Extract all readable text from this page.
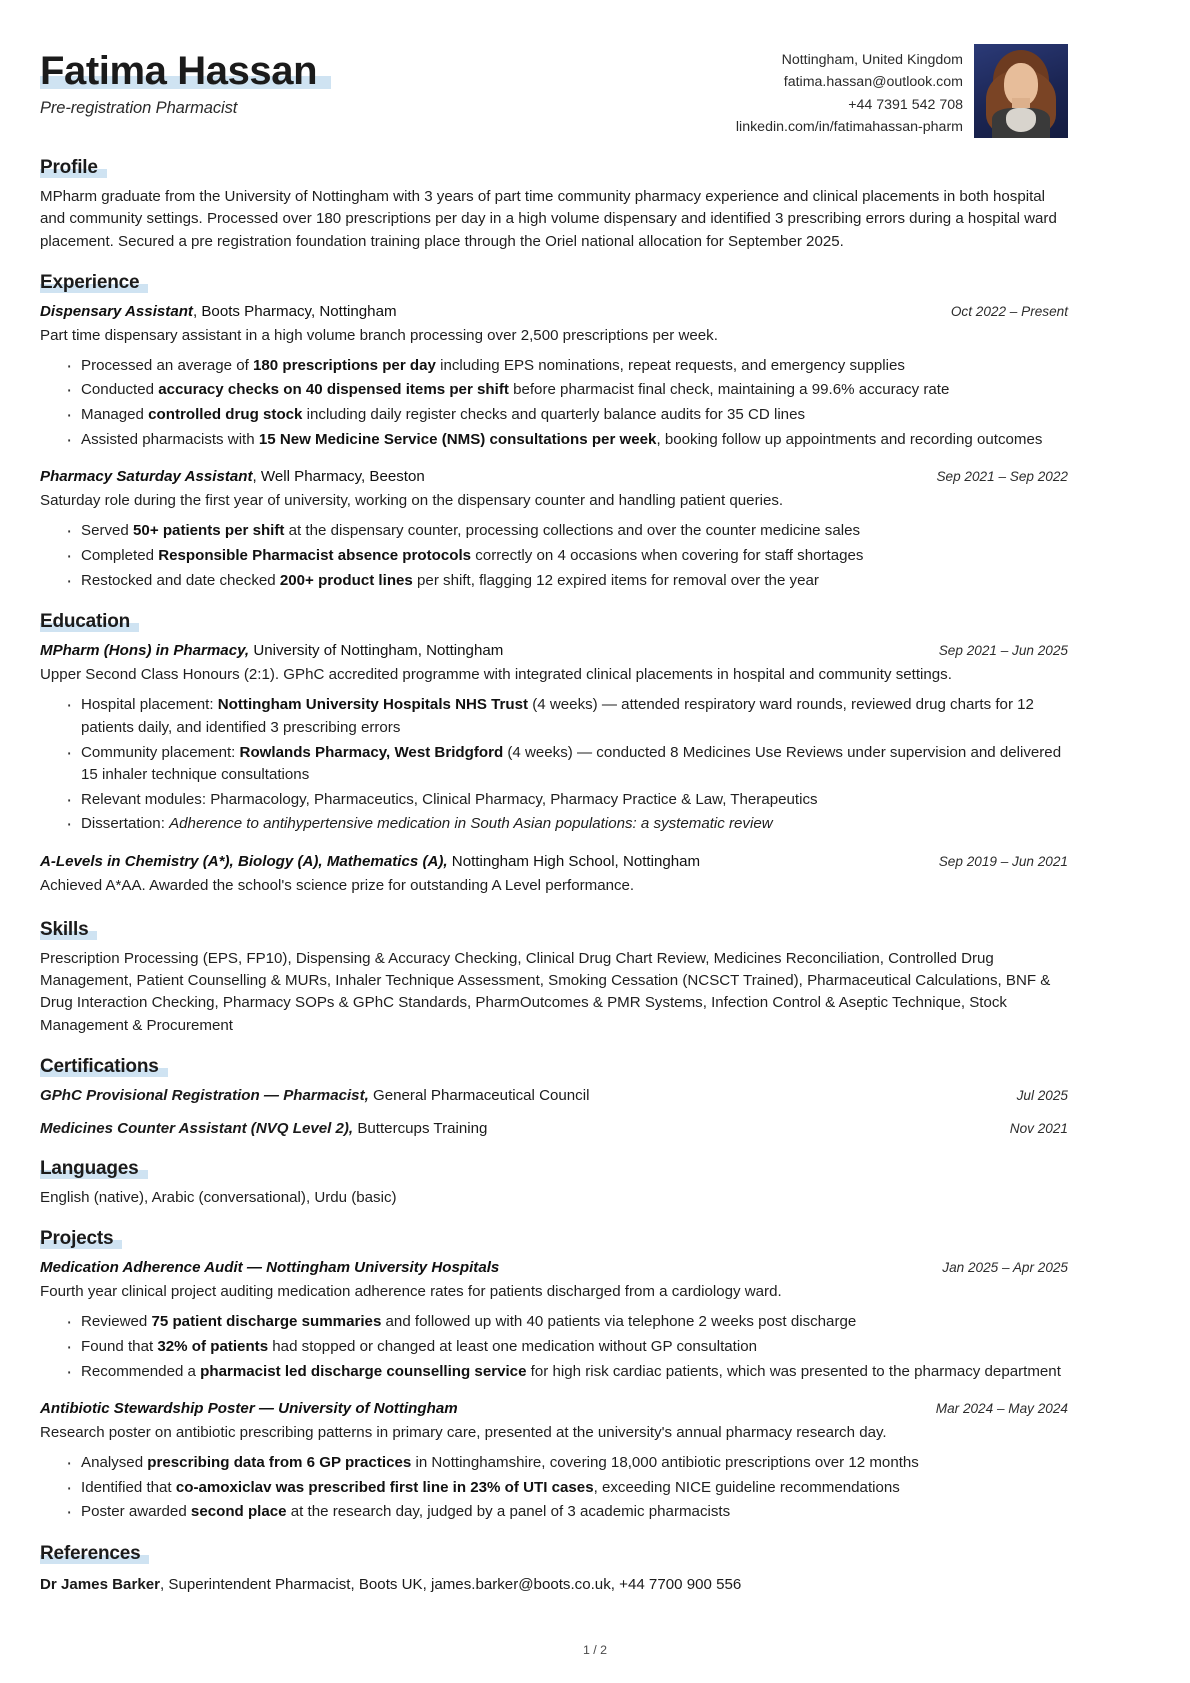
Fatima Hassan
Pre-registration Pharmacist
Nottingham, United Kingdom
fatima.hassan@outlook.com
+44 7391 542 708
linkedin.com/in/fatimahassan-pharm
Profile

MPharm graduate from the University of Nottingham with 3 years of part time community pharmacy experience and clinical placements in both hospital and community settings. Processed over 180 prescriptions per day in a high volume dispensary and identified 3 prescribing errors during a hospital ward placement. Secured a pre registration foundation training place through the Oriel national allocation for September 2025.

Experience
Dispensary Assistant, Boots Pharmacy, Nottingham	Oct 2022 – Present
Part time dispensary assistant in a high volume branch processing over 2,500 prescriptions per week.
· Processed an average of 180 prescriptions per day including EPS nominations, repeat requests, and emergency supplies
· Conducted accuracy checks on 40 dispensed items per shift before pharmacist final check, maintaining a 99.6% accuracy rate
· Managed controlled drug stock including daily register checks and quarterly balance audits for 35 CD lines
· Assisted pharmacists with 15 New Medicine Service (NMS) consultations per week, booking follow up appointments and recording outcomes
Pharmacy Saturday Assistant, Well Pharmacy, Beeston	Sep 2021 – Sep 2022
Saturday role during the first year of university, working on the dispensary counter and handling patient queries.
· Served 50+ patients per shift at the dispensary counter, processing collections and over the counter medicine sales
· Completed Responsible Pharmacist absence protocols correctly on 4 occasions when covering for staff shortages
· Restocked and date checked 200+ product lines per shift, flagging 12 expired items for removal over the year
Education
MPharm (Hons) in Pharmacy, University of Nottingham, Nottingham	Sep 2021 – Jun 2025
Upper Second Class Honours (2:1). GPhC accredited programme with integrated clinical placements in hospital and community settings.
· Hospital placement: Nottingham University Hospitals NHS Trust (4 weeks) — attended respiratory ward rounds, reviewed drug charts for 12 patients daily, and identified 3 prescribing errors
· Community placement: Rowlands Pharmacy, West Bridgford (4 weeks) — conducted 8 Medicines Use Reviews under supervision and delivered 15 inhaler technique consultations
· Relevant modules: Pharmacology, Pharmaceutics, Clinical Pharmacy, Pharmacy Practice & Law, Therapeutics
· Dissertation: Adherence to antihypertensive medication in South Asian populations: a systematic review
A-Levels in Chemistry (A*), Biology (A), Mathematics (A), Nottingham High School, Nottingham	Sep 2019 – Jun 2021
Achieved A*AA. Awarded the school's science prize for outstanding A Level performance.
Skills

Prescription Processing (EPS, FP10), Dispensing & Accuracy Checking, Clinical Drug Chart Review, Medicines Reconciliation, Controlled Drug Management, Patient Counselling & MURs, Inhaler Technique Assessment, Smoking Cessation (NCSCT Trained), Pharmaceutical Calculations, BNF & Drug Interaction Checking, Pharmacy SOPs & GPhC Standards, PharmOutcomes & PMR Systems, Infection Control & Aseptic Technique, Stock Management & Procurement

Certifications
GPhC Provisional Registration — Pharmacist, General Pharmaceutical Council	Jul 2025
Medicines Counter Assistant (NVQ Level 2), Buttercups Training	Nov 2021
Languages

English (native), Arabic (conversational), Urdu (basic)

Projects
Medication Adherence Audit — Nottingham University Hospitals	Jan 2025 – Apr 2025
Fourth year clinical project auditing medication adherence rates for patients discharged from a cardiology ward.
· Reviewed 75 patient discharge summaries and followed up with 40 patients via telephone 2 weeks post discharge
· Found that 32% of patients had stopped or changed at least one medication without GP consultation
· Recommended a pharmacist led discharge counselling service for high risk cardiac patients, which was presented to the pharmacy department
Antibiotic Stewardship Poster — University of Nottingham	Mar 2024 – May 2024
Research poster on antibiotic prescribing patterns in primary care, presented at the university's annual pharmacy research day.
· Analysed prescribing data from 6 GP practices in Nottinghamshire, covering 18,000 antibiotic prescriptions over 12 months
· Identified that co-amoxiclav was prescribed first line in 23% of UTI cases, exceeding NICE guideline recommendations
· Poster awarded second place at the research day, judged by a panel of 3 academic pharmacists
References
Dr James Barker, Superintendent Pharmacist, Boots UK, james.barker@boots.co.uk, +44 7700 900 556
1 / 2
